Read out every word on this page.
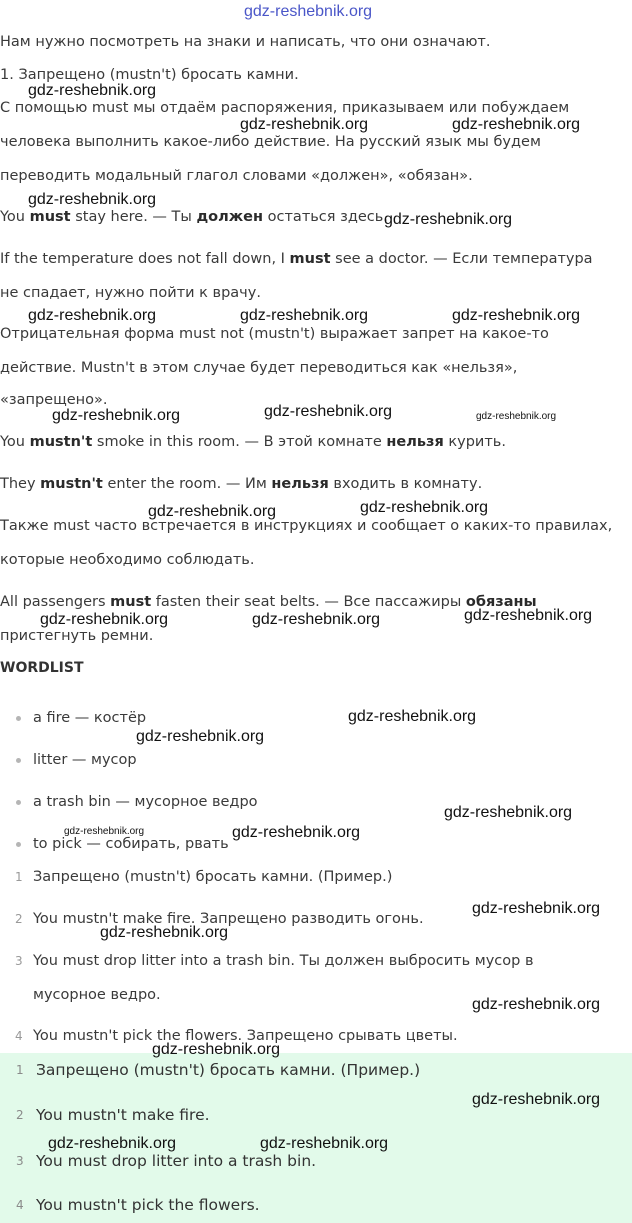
gdz-reshebnik.org
Нам нужно посмотреть на знаки и написать, что они означают.
1. Запрещено (mustn't) бросать камни.
gdz-reshebnik.org
С помощью must мы отдаём распоряжения, приказываем или побуждаем
gdz-reshebnik.org	gdz-reshebnik.org
человека выполнить какое-либо действие. На русский язык мы будем
переводить модальный глагол словами «должен», «обязан».
gdz-reshebnik.org
You must stay here. — Ты должен остаться здесь.
gdz-reshebnik.org
If the temperature does not fall down, I must see a doctor. — Если температура
не спадает, нужно пойти к врачу.
gdz-reshebnik.org	gdz-reshebnik.org	gdz-reshebnik.org
Отрицательная форма must not (mustn't) выражает запрет на какое-то
действие. Mustn't в этом случае будет переводиться как «нельзя»,
«запрещено».
gdz-reshebnik.org	gdz-reshebnik.org	gdz-reshebnik.org
You mustn't smoke in this room. — В этой комнате нельзя курить.
They mustn't enter the room. — Им нельзя входить в комнату.
gdz-reshebnik.org
gdz-reshebnik.org
Также must часто встречается в инструкциях и сообщает о каких-то правилах,
которые необходимо соблюдать.
All passengers must fasten their seat belts. — Все пассажиры обязаны
gdz-reshebnik.org	gdz-reshebnik.org	gdz-reshebnik.org
пристегнуть ремни.
WORDLIST
a fire — костёр	gdz-reshebnik.org
gdz-reshebnik.org
litter — мусор
a trash bin — мусорное ведро
gdz-reshebnik.org
gdz-reshebnik.org	gdz-reshebnik.org
to pick — собирать, рвать
1 Запрещено (mustn't) бросать камни. (Пример.)
gdz-reshebnik.org
2 You mustn't make fire. Запрещено разводить огонь.
gdz-reshebnik.org
3 You must drop litter into a trash bin. Ты должен выбросить мусор в
мусорное ведро.
gdz-reshebnik.org
4 You mustn't pick the flowers. Запрещено срывать цветы.
gdz-reshebnik.org
1 Запрещено (mustn't) бросать камни. (Пример.)
gdz-reshebnik.org
2 You mustn't make fire.
gdz-reshebnik.org	gdz-reshebnik.org
3 You must drop litter into a trash bin.
4 You mustn't pick the flowers.
